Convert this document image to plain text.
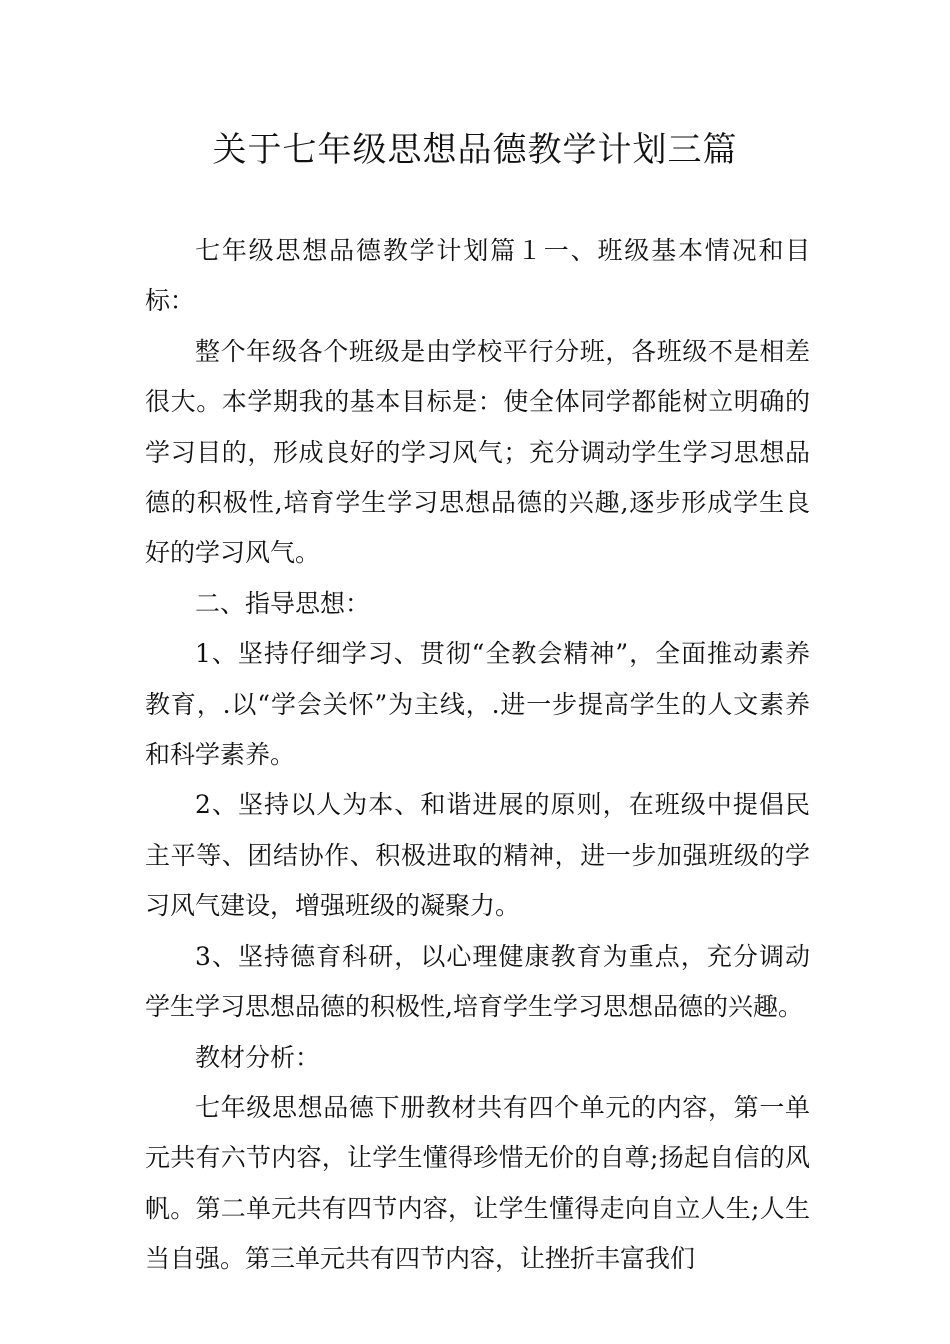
关于七年级思想品德教学计划三篇

七年级思想品德教学计划篇１一、班级基本情况和目标：

整个年级各个班级是由学校平行分班，各班级不是相差很大。本学期我的基本目标是：使全体同学都能树立明确的学习目的，形成良好的学习风气；充分调动学生学习思想品德的积极性,培育学生学习思想品德的兴趣,逐步形成学生良好的学习风气。

二、指导思想：

1、坚持仔细学习、贯彻“全教会精神”，全面推动素养教育，.以“学会关怀”为主线，.进一步提高学生的人文素养和科学素养。

2、坚持以人为本、和谐进展的原则，在班级中提倡民主平等、团结协作、积极进取的精神，进一步加强班级的学习风气建设，增强班级的凝聚力。

3、坚持德育科研，以心理健康教育为重点，充分调动学生学习思想品德的积极性,培育学生学习思想品德的兴趣。

教材分析：

七年级思想品德下册教材共有四个单元的内容，第一单元共有六节内容，让学生懂得珍惜无价的自尊;扬起自信的风帆。第二单元共有四节内容，让学生懂得走向自立人生;人生当自强。第三单元共有四节内容，让挫折丰富我们
